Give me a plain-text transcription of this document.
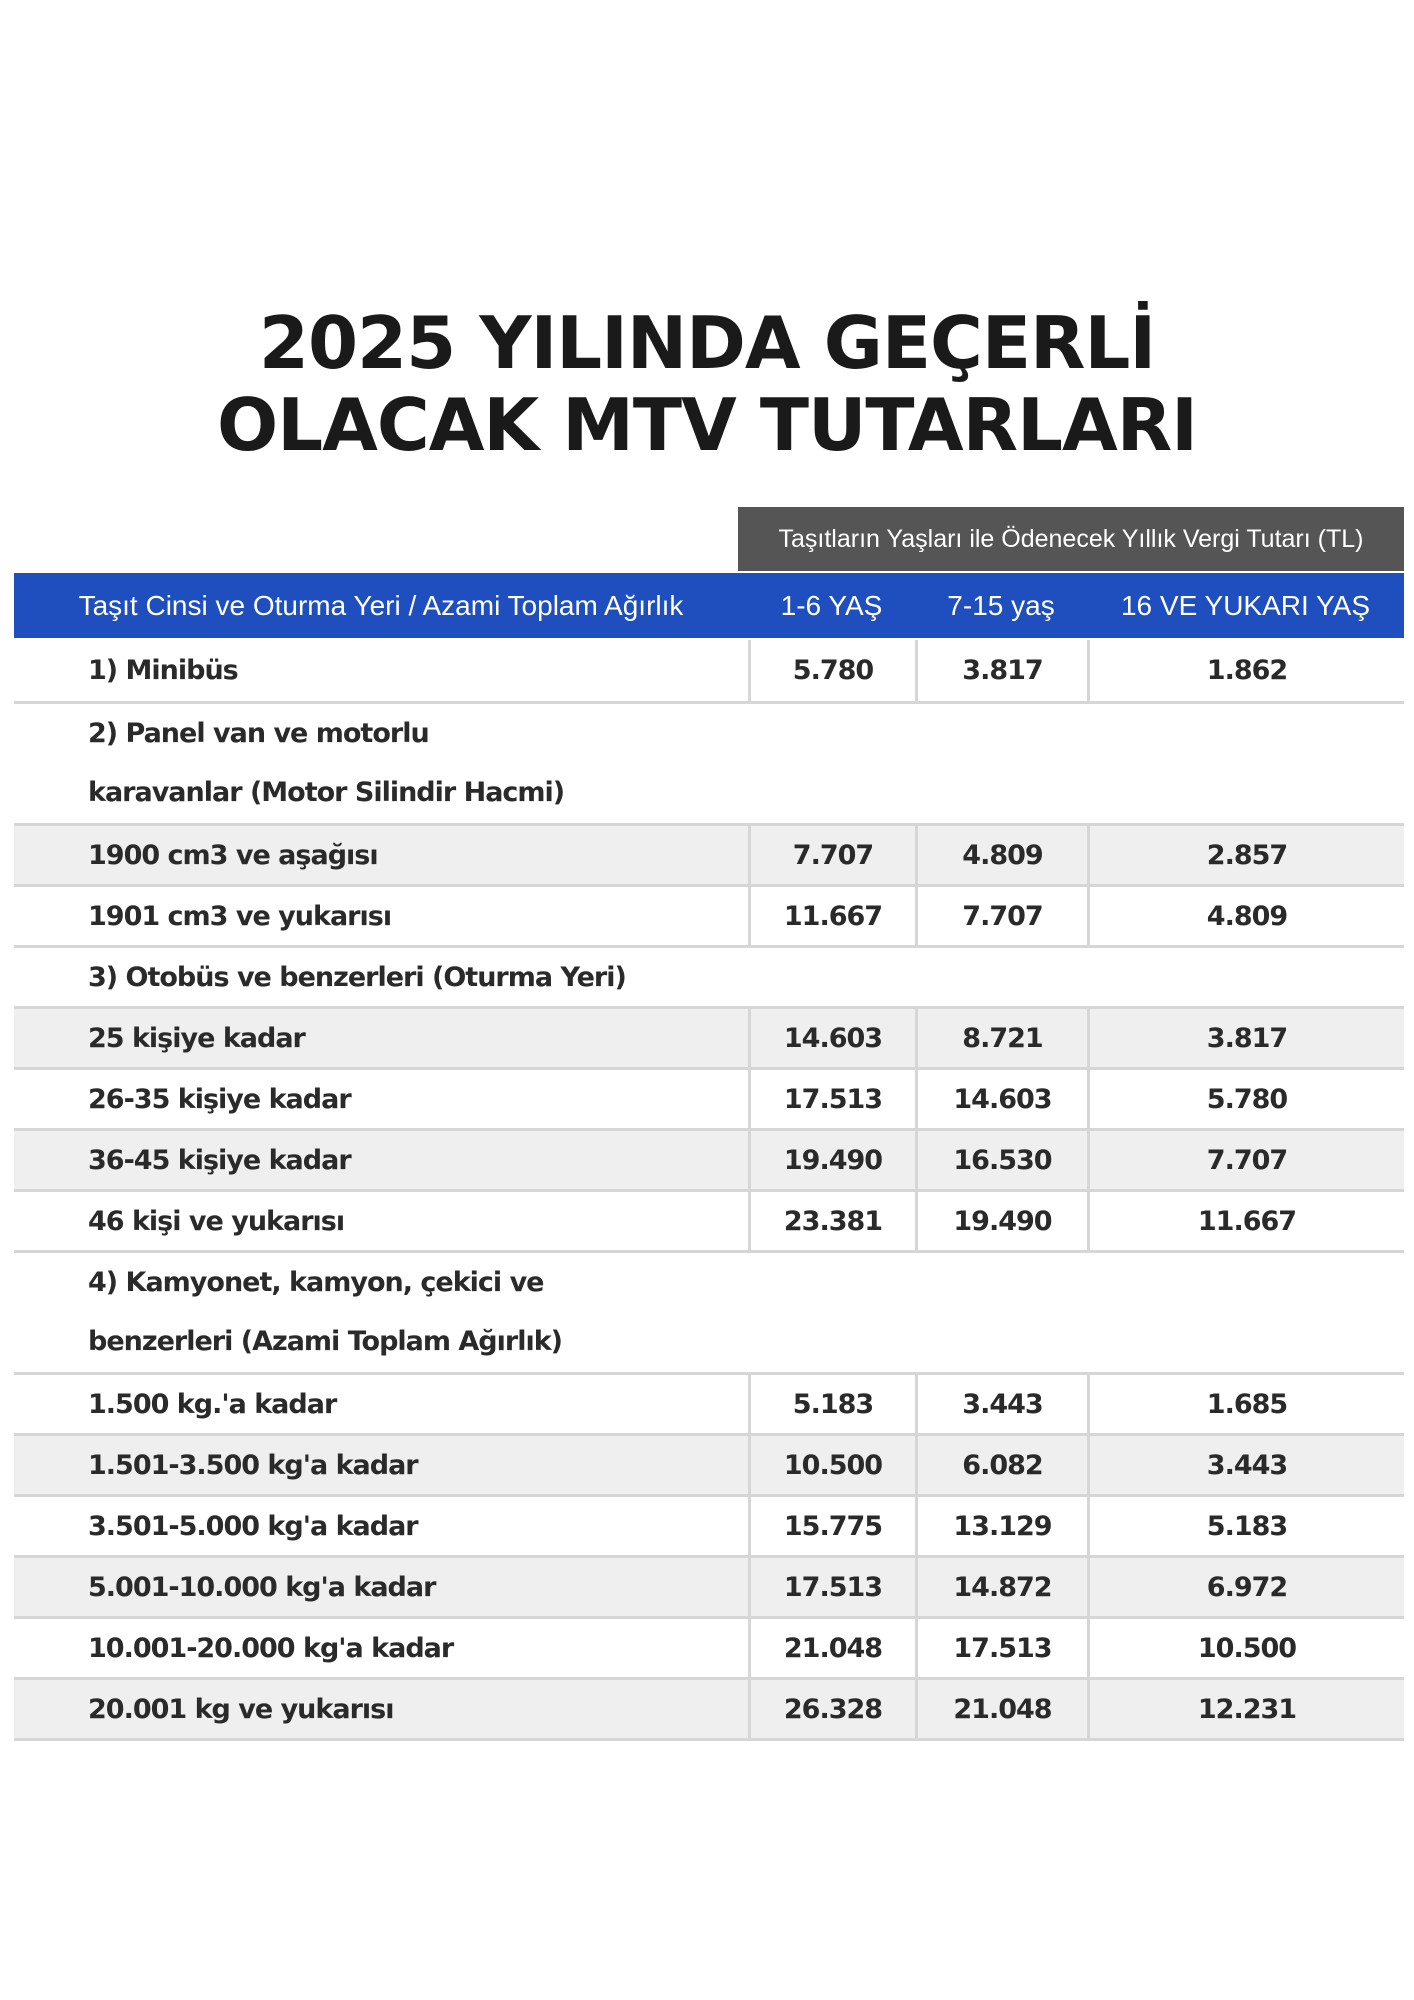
2025 YILINDA GEÇERLİ
OLACAK MTV TUTARLARI
Taşıtların Yaşları ile Ödenecek Yıllık Vergi Tutarı (TL)
Taşıt Cinsi ve Oturma Yeri / Azami Toplam Ağırlık	1-6 YAŞ	7-15 yaş	16 VE YUKARI YAŞ
1) Minibüs	5.780	3.817	1.862
2) Panel van ve motorlu
karavanlar (Motor Silindir Hacmi)
1900 cm3 ve aşağısı	7.707	4.809	2.857
1901 cm3 ve yukarısı	11.667	7.707	4.809
3) Otobüs ve benzerleri (Oturma Yeri)
25 kişiye kadar	14.603	8.721	3.817
26-35 kişiye kadar	17.513	14.603	5.780
36-45 kişiye kadar	19.490	16.530	7.707
46 kişi ve yukarısı	23.381	19.490	11.667
4) Kamyonet, kamyon, çekici ve
benzerleri (Azami Toplam Ağırlık)
1.500 kg.'a kadar	5.183	3.443	1.685
1.501-3.500 kg'a kadar	10.500	6.082	3.443
3.501-5.000 kg'a kadar	15.775	13.129	5.183
5.001-10.000 kg'a kadar	17.513	14.872	6.972
10.001-20.000 kg'a kadar	21.048	17.513	10.500
20.001 kg ve yukarısı	26.328	21.048	12.231
